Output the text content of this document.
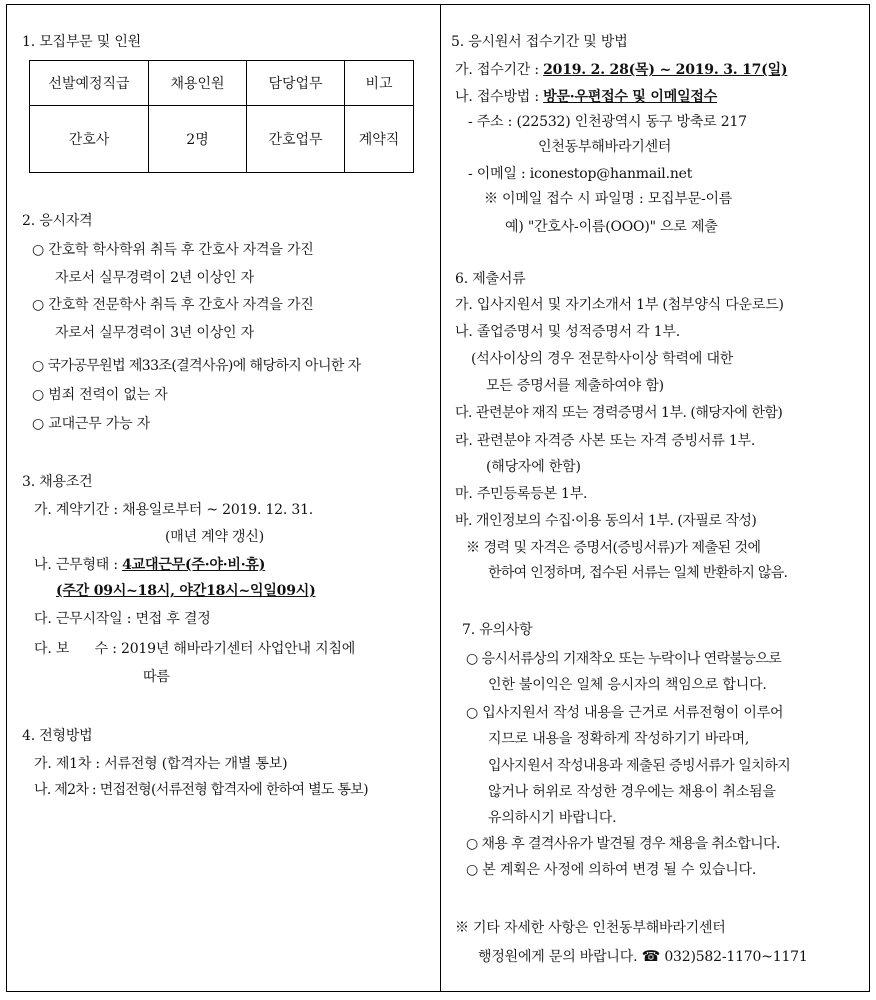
1. 모집부문 및 인원
선발예정직급	채용인원	담당업무	비고
간호사	2명	간호업무	계약직
2. 응시자격
○ 간호학 학사학위 취득 후 간호사 자격을 가진
자로서 실무경력이 2년 이상인 자
○ 간호학 전문학사 취득 후 간호사 자격을 가진
자로서 실무경력이 3년 이상인 자
○ 국가공무원법 제33조(결격사유)에 해당하지 아니한 자
○ 범죄 전력이 없는 자
○ 교대근무 가능 자
3. 채용조건
가. 계약기간 : 채용일로부터 ~ 2019. 12. 31.
(매년 계약 갱신)
나. 근무형태 : 4교대근무(주·야·비·휴)
(주간 09시~18시, 야간18시~익일09시)
다. 근무시작일 : 면접 후 결정
다. 보      수 : 2019년 해바라기센터 사업안내 지침에
따름
4. 전형방법
가. 제1차 : 서류전형 (합격자는 개별 통보)
나. 제2차 : 면접전형(서류전형 합격자에 한하여 별도 통보)
5. 응시원서 접수기간 및 방법
가. 접수기간 : 2019. 2. 28(목) ~ 2019. 3. 17(일)
나. 접수방법 : 방문·우편접수 및 이메일접수
- 주소 : (22532) 인천광역시 동구 방축로 217
인천동부해바라기센터
- 이메일 : iconestop@hanmail.net
※ 이메일 접수 시 파일명 : 모집부문-이름
예) "간호사-이름(OOO)" 으로 제출
6. 제출서류
가. 입사지원서 및 자기소개서 1부 (첨부양식 다운로드)
나. 졸업증명서 및 성적증명서 각 1부.
(석사이상의 경우 전문학사이상 학력에 대한
모든 증명서를 제출하여야 함)
다. 관련분야 재직 또는 경력증명서 1부. (해당자에 한함)
라. 관련분야 자격증 사본 또는 자격 증빙서류 1부.
(해당자에 한함)
마. 주민등록등본 1부.
바. 개인정보의 수집·이용 동의서 1부. (자필로 작성)
※ 경력 및 자격은 증명서(증빙서류)가 제출된 것에
한하여 인정하며, 접수된 서류는 일체 반환하지 않음.
7. 유의사항
○ 응시서류상의 기재착오 또는 누락이나 연락불능으로
인한 불이익은 일체 응시자의 책임으로 합니다.
○ 입사지원서 작성 내용을 근거로 서류전형이 이루어
지므로 내용을 정확하게 작성하기기 바라며,
입사지원서 작성내용과 제출된 증빙서류가 일치하지
않거나 허위로 작성한 경우에는 채용이 취소됨을
유의하시기 바랍니다.
○ 채용 후 결격사유가 발견될 경우 채용을 취소합니다.
○ 본 계획은 사정에 의하여 변경 될 수 있습니다.
※ 기타 자세한 사항은 인천동부해바라기센터
행정원에게 문의 바랍니다. ☎ 032)582-1170~1171
